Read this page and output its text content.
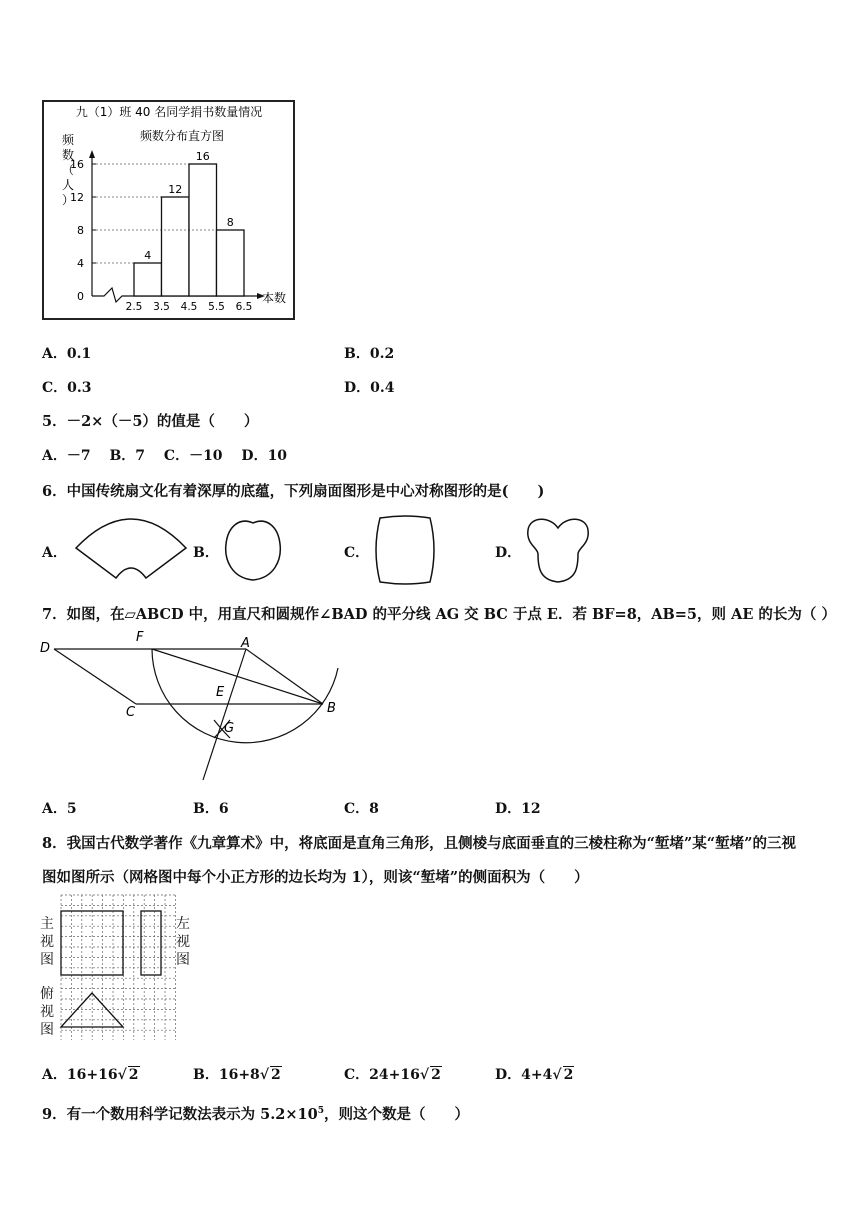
九（1）班 40 名同学捐书数量情况
频数分布直方图
频数（人）
0
4
8
12
16
4
12
16
8
2.5 3.5 4.5 5.5 6.5
本数
A．0.1	B．0.2
C．0.3	D．0.4
5．－2×（－5）的值是（　　）
A．－7　 B．7　 C．－10　 D．10
6．中国传统扇文化有着深厚的底蕴，下列扇面图形是中心对称图形的是(　　)
A．	B．	C．	D．
7．如图，在▱ABCD 中，用直尺和圆规作∠BAD 的平分线 AG 交 BC 于点 E．若 BF=8，AB=5，则 AE 的长为（ ）
D
F	A
E
C	B
G
A．5	B．6	C．8	D．12
8．我国古代数学著作《九章算术》中，将底面是直角三角形，且侧棱与底面垂直的三棱柱称为“堑堵”某“堑堵”的三视
图如图所示（网格图中每个小正方形的边长均为 1），则该“堑堵”的侧面积为（　　）
主
视
图
左
视
图
俯
视
图
A．16+16√ 2	B．16+8√ 2	C．24+16√ 2	D．4+4√ 2
9．有一个数用科学记数法表示为 $5.2\times 10^5$，则这个数是（　　）
